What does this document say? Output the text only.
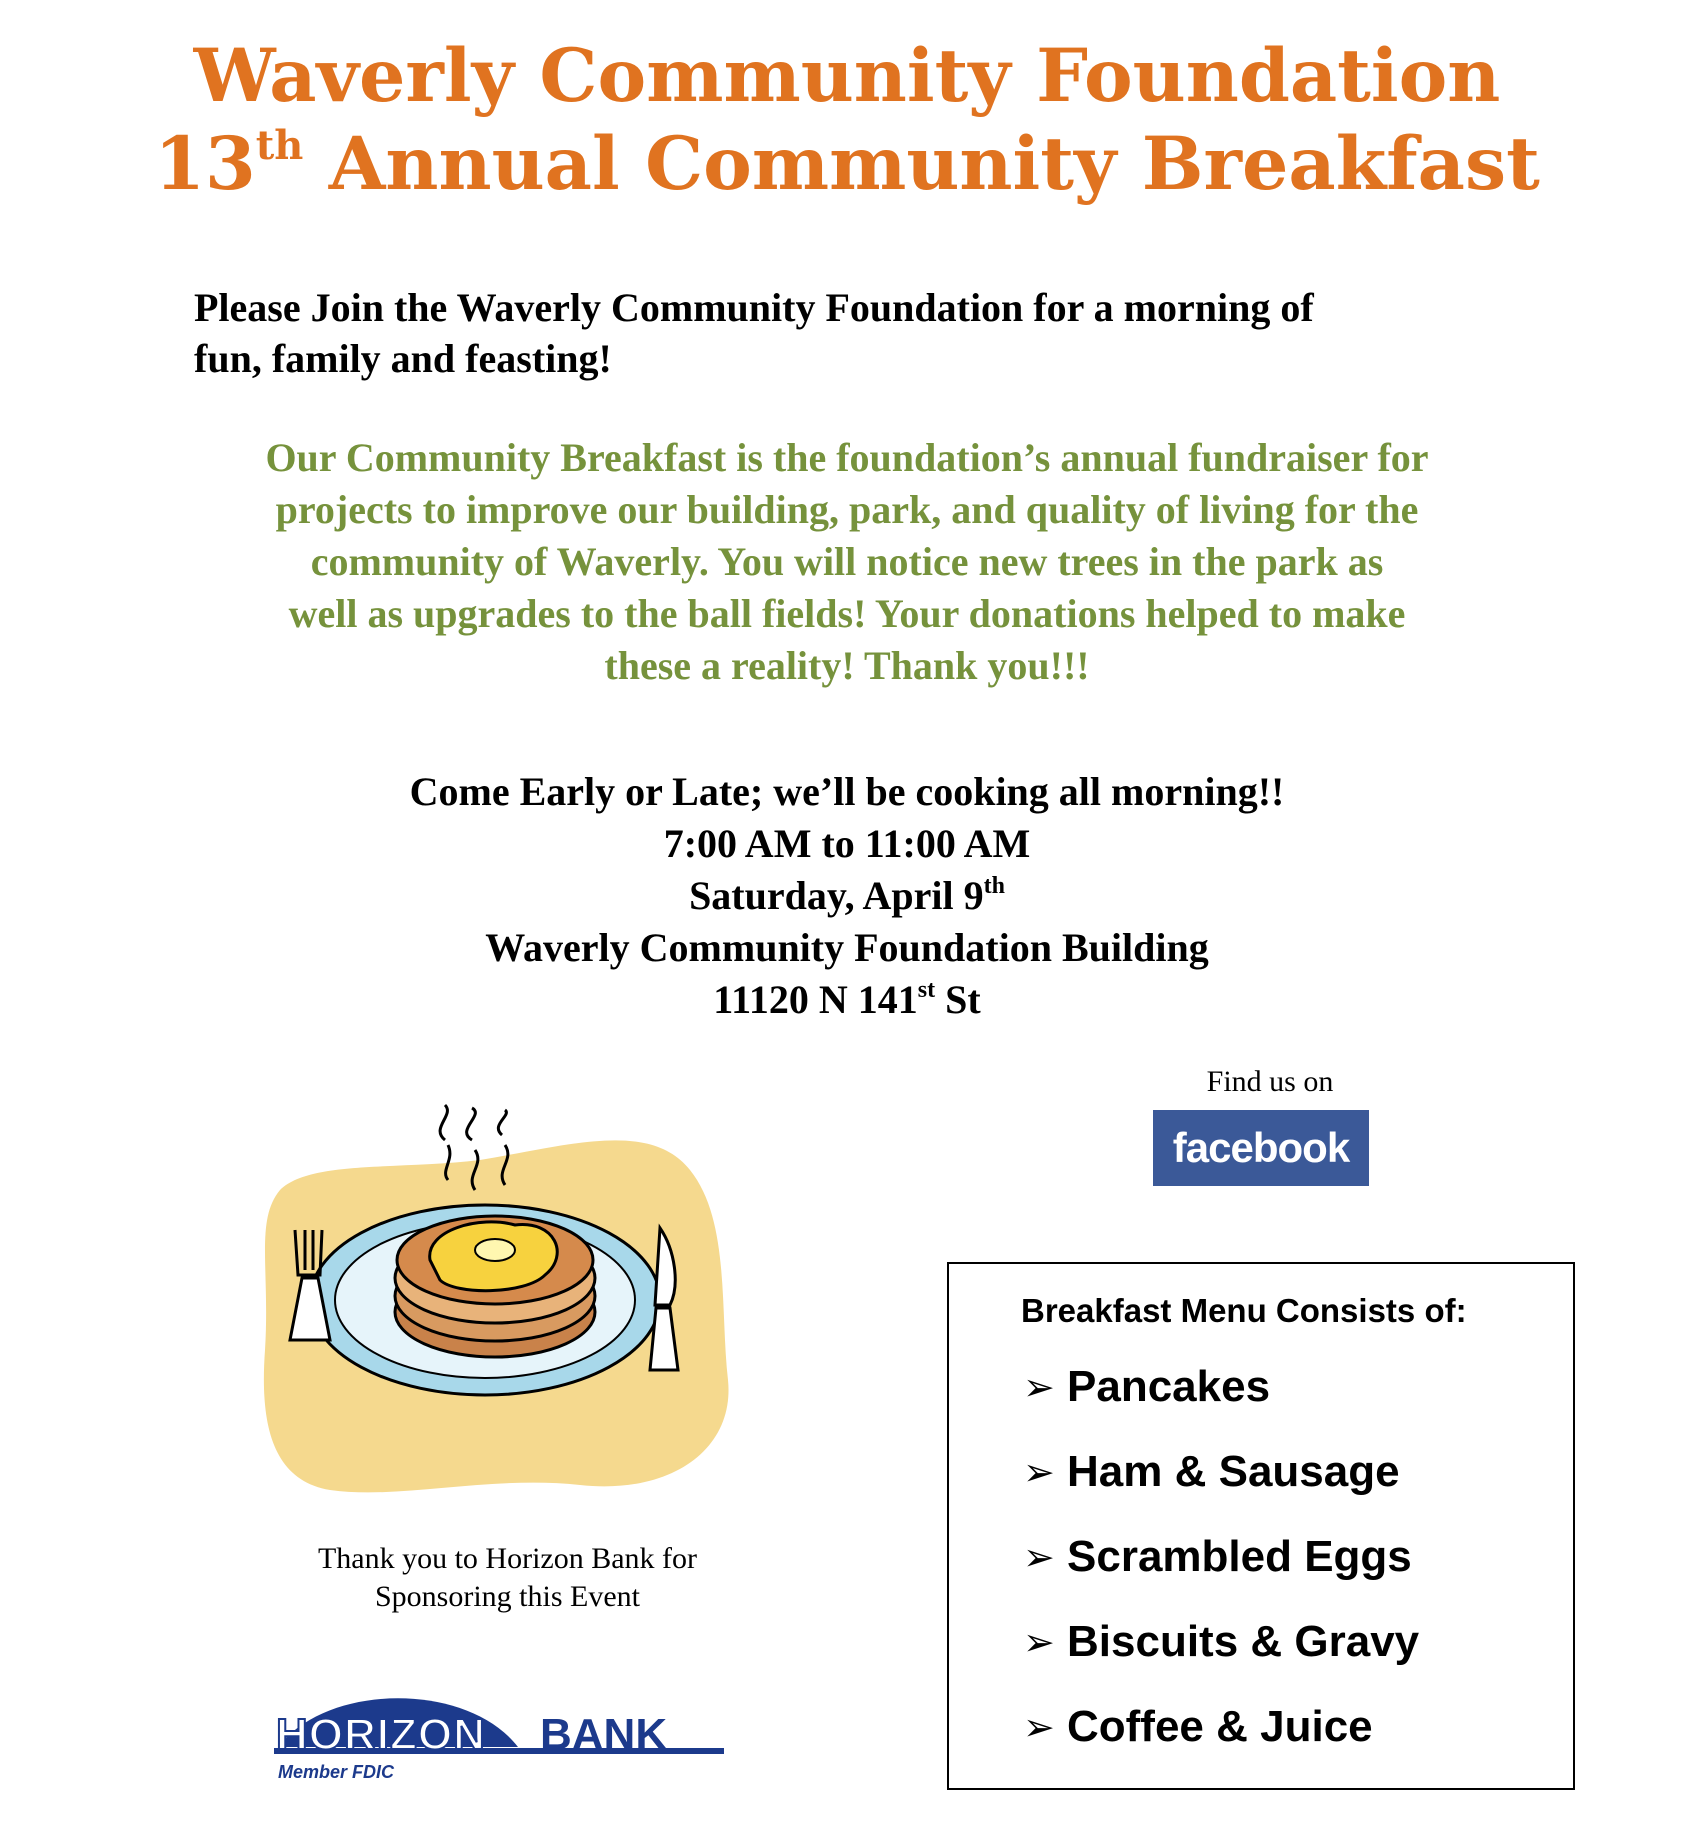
Waverly Community Foundation
13th Annual Community Breakfast
Please Join the Waverly Community Foundation for a morning of
fun, family and feasting!
Our Community Breakfast is the foundation’s annual fundraiser for
projects to improve our building, park, and quality of living for the
community of Waverly. You will notice new trees in the park as
well as upgrades to the ball fields! Your donations helped to make
these a reality! Thank you!!!
Come Early or Late; we’ll be cooking all morning!!
7:00 AM to 11:00 AM
Saturday, April 9th
Waverly Community Foundation Building
11120 N 141st St
Find us on
facebook
Thank you to Horizon Bank for
Sponsoring this Event
HORIZON BANK
Member FDIC
Breakfast Menu Consists of:
➢ Pancakes
➢ Ham & Sausage
➢ Scrambled Eggs
➢ Biscuits & Gravy
➢ Coffee & Juice
